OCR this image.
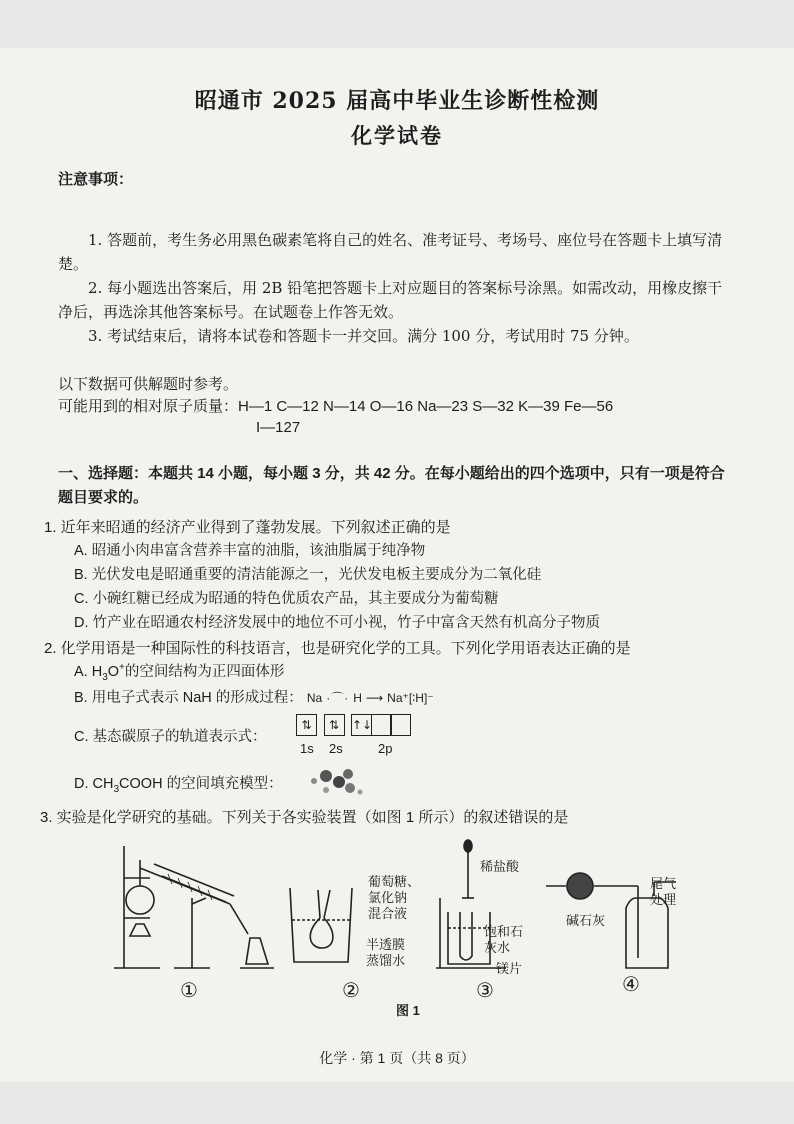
昭通市 2025 届高中毕业生诊断性检测
化学试卷
注意事项：

1. 答题前，考生务必用黑色碳素笔将自己的姓名、准考证号、考场号、座位号在答题卡上填写清楚。

2. 每小题选出答案后，用 2B 铅笔把答题卡上对应题目的答案标号涂黑。如需改动，用橡皮擦干净后，再选涂其他答案标号。在试题卷上作答无效。

3. 考试结束后，请将本试卷和答题卡一并交回。满分 100 分，考试用时 75 分钟。

以下数据可供解题时参考。
可能用到的相对原子质量：H—1 C—12 N—14 O—16 Na—23 S—32 K—39 Fe—56
I—127

一、选择题：本题共 14 小题，每小题 3 分，共 42 分。在每小题给出的四个选项中，只有一项是符合题目要求的。

1. 近年来昭通的经济产业得到了蓬勃发展。下列叙述正确的是
A. 昭通小肉串富含营养丰富的油脂，该油脂属于纯净物
B. 光伏发电是昭通重要的清洁能源之一，光伏发电板主要成分为二氧化硅
C. 小碗红糖已经成为昭通的特色优质农产品，其主要成分为葡萄糖
D. 竹产业在昭通农村经济发展中的地位不可小视，竹子中富含天然有机高分子物质
2. 化学用语是一种国际性的科技语言，也是研究化学的工具。下列化学用语表达正确的是
A. $H_3O^+$的空间结构为正四面体形
B. 用电子式表示 NaH 的形成过程： Na ·⌒· H ⟶ Na⁺[∶H]⁻
C. 基态碳原子的轨道表示式：
⇅	⇅	↑↓
1s 2s	2p
D. $CH_3COOH$ 的空间填充模型：
3. 实验是化学研究的基础。下列关于各实验装置（如图 1 所示）的叙述错误的是
①
葡萄糖、
氯化钠
混合液
半透膜
蒸馏水
②
稀盐酸
饱和石
灰水
镁片
③
碱石灰
尾气
处理
④
图 1
化学 · 第 1 页（共 8 页）
